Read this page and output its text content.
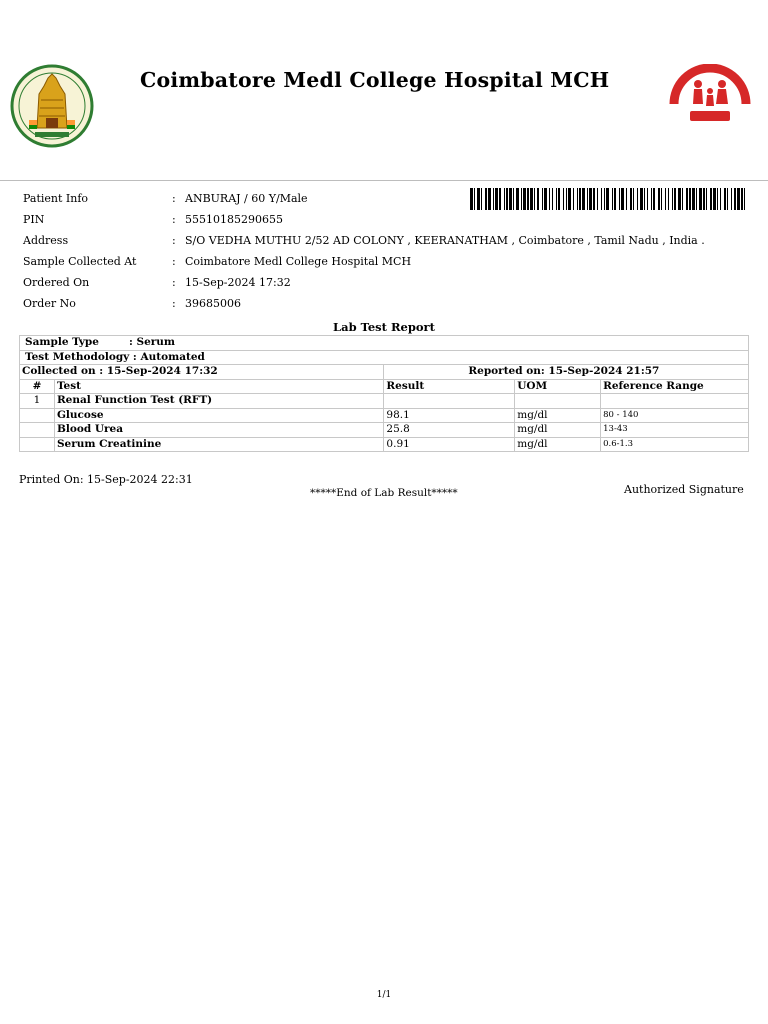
Coimbatore Medl College Hospital MCH
Patient Info	: ANBURAJ / 60 Y/Male
PIN	: 55510185290655
Address	: S/O VEDHA MUTHU 2/52 AD COLONY , KEERANATHAM , Coimbatore , Tamil Nadu , India .
Sample Collected At	: Coimbatore Medl College Hospital MCH
Ordered On	: 15-Sep-2024 17:32
Order No	: 39685006
Lab Test Report
Sample Type : Serum				
Test Methodology : Automated				
Collected on : 15-Sep-2024 17:32		Reported on: 15-Sep-2024 21:57		
#	Test	Result	UOM	Reference Range
1	Renal Function Test (RFT)			
	Glucose	98.1	mg/dl	80 - 140
	Blood Urea	25.8	mg/dl	13-43
	Serum Creatinine	0.91	mg/dl	0.6-1.3
Printed On: 15-Sep-2024 22:31
*****End of Lab Result*****	Authorized Signature
1/1
